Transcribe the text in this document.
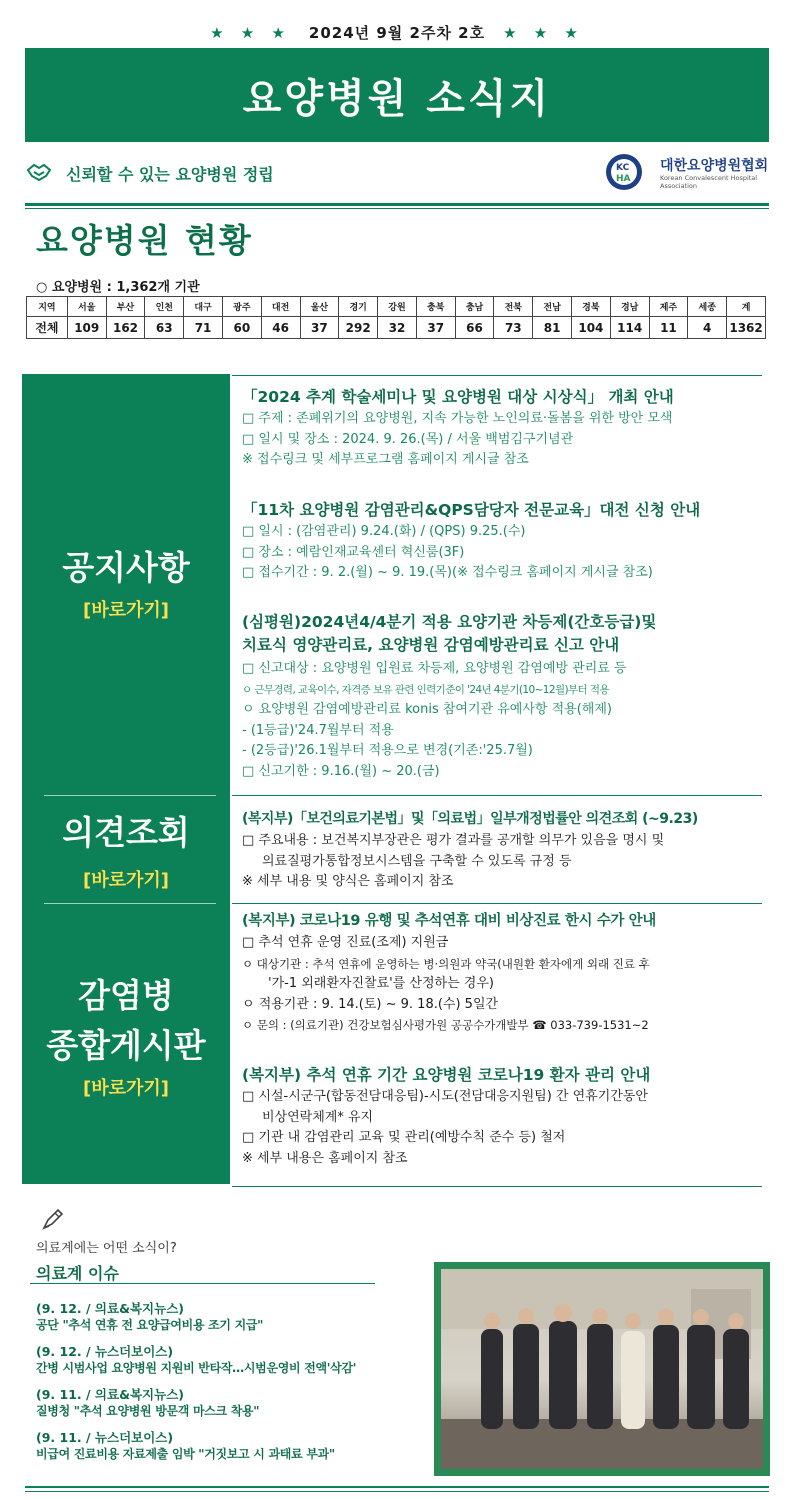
★ ★ ★ 2024년 9월 2주차 2호 ★ ★ ★
요양병원 소식지
신뢰할 수 있는 요양병원 정립	KC
HA
대한요양병원협회
Korean Convalescent Hospital Association
요양병원 현황
○ 요양병원 : 1,362개 기관
지역	서울	부산	인천	대구	광주	대전	울산	경기	강원	충북	충남	전북	전남	경북	경남	제주	세종	계
전체	109	162	63	71	60	46	37	292	32	37	66	73	81	104	114	11	4	1362
공지사항
[바로가기]
의견조회
[바로가기]
감염병
종합게시판
[바로가기]
「2024 추계 학술세미나 및 요양병원 대상 시상식」 개최 안내
□ 주제 : 존폐위기의 요양병원, 지속 가능한 노인의료·돌봄을 위한 방안 모색
□ 일시 및 장소 : 2024. 9. 26.(목) / 서울 백범김구기념관
※ 접수링크 및 세부프로그램 홈페이지 게시글 참조
「11차 요양병원 감염관리&QPS담당자 전문교육」대전 신청 안내
□ 일시 : (감염관리) 9.24.(화) / (QPS) 9.25.(수)
□ 장소 : 예람인재교육센터 혁신룸(3F)
□ 접수기간 : 9. 2.(월) ~ 9. 19.(목)(※ 접수링크 홈페이지 게시글 참조)
(심평원)2024년4/4분기 적용 요양기관 차등제(간호등급)및
치료식 영양관리료, 요양병원 감염예방관리료 신고 안내
□ 신고대상 : 요양병원 입원료 차등제, 요양병원 감염예방 관리료 등
ㅇ 근무경력, 교육이수, 자격증 보유 관련 인력기준이 '24년 4분기(10~12월)부터 적용
ㅇ 요양병원 감염예방관리료 konis 참여기관 유예사항 적용(해제)
- (1등급)'24.7월부터 적용
- (2등급)'26.1월부터 적용으로 변경(기존:'25.7월)
□ 신고기한 : 9.16.(월) ~ 20.(금)
(복지부)「보건의료기본법」및「의료법」일부개정법률안 의견조회 (~9.23)
□ 주요내용 : 보건복지부장관은 평가 결과를 공개할 의무가 있음을 명시 및
의료질평가통합정보시스템을 구축할 수 있도록 규정 등
※ 세부 내용 및 양식은 홈페이지 참조
(복지부) 코로나19 유행 및 추석연휴 대비 비상진료 한시 수가 안내
□ 추석 연휴 운영 진료(조제) 지원금
ㅇ 대상기관 : 추석 연휴에 운영하는 병·의원과 약국(내원환 환자에게 외래 진료 후
'가-1 외래환자진찰료'를 산정하는 경우)
ㅇ 적용기관 : 9. 14.(토) ~ 9. 18.(수) 5일간
ㅇ 문의 : (의료기관) 건강보험심사평가원 공공수가개발부 ☎ 033-739-1531~2
(복지부) 추석 연휴 기간 요양병원 코로나19 환자 관리 안내
□ 시설-시군구(합동전담대응팀)-시도(전담대응지원팀) 간 연휴기간동안
비상연락체계* 유지
□ 기관 내 감염관리 교육 및 관리(예방수칙 준수 등) 철저
※ 세부 내용은 홈페이지 참조
의료계에는 어떤 소식이?
의료계 이슈
(9. 12. / 의료&복지뉴스)
공단 "추석 연휴 전 요양급여비용 조기 지급"
(9. 12. / 뉴스더보이스)
간병 시범사업 요양병원 지원비 반타작…시범운영비 전액'삭감'
(9. 11. / 의료&복지뉴스)
질병청 "추석 요양병원 방문객 마스크 착용"
(9. 11. / 뉴스더보이스)
비급여 진료비용 자료제출 임박 "거짓보고 시 과태료 부과"
